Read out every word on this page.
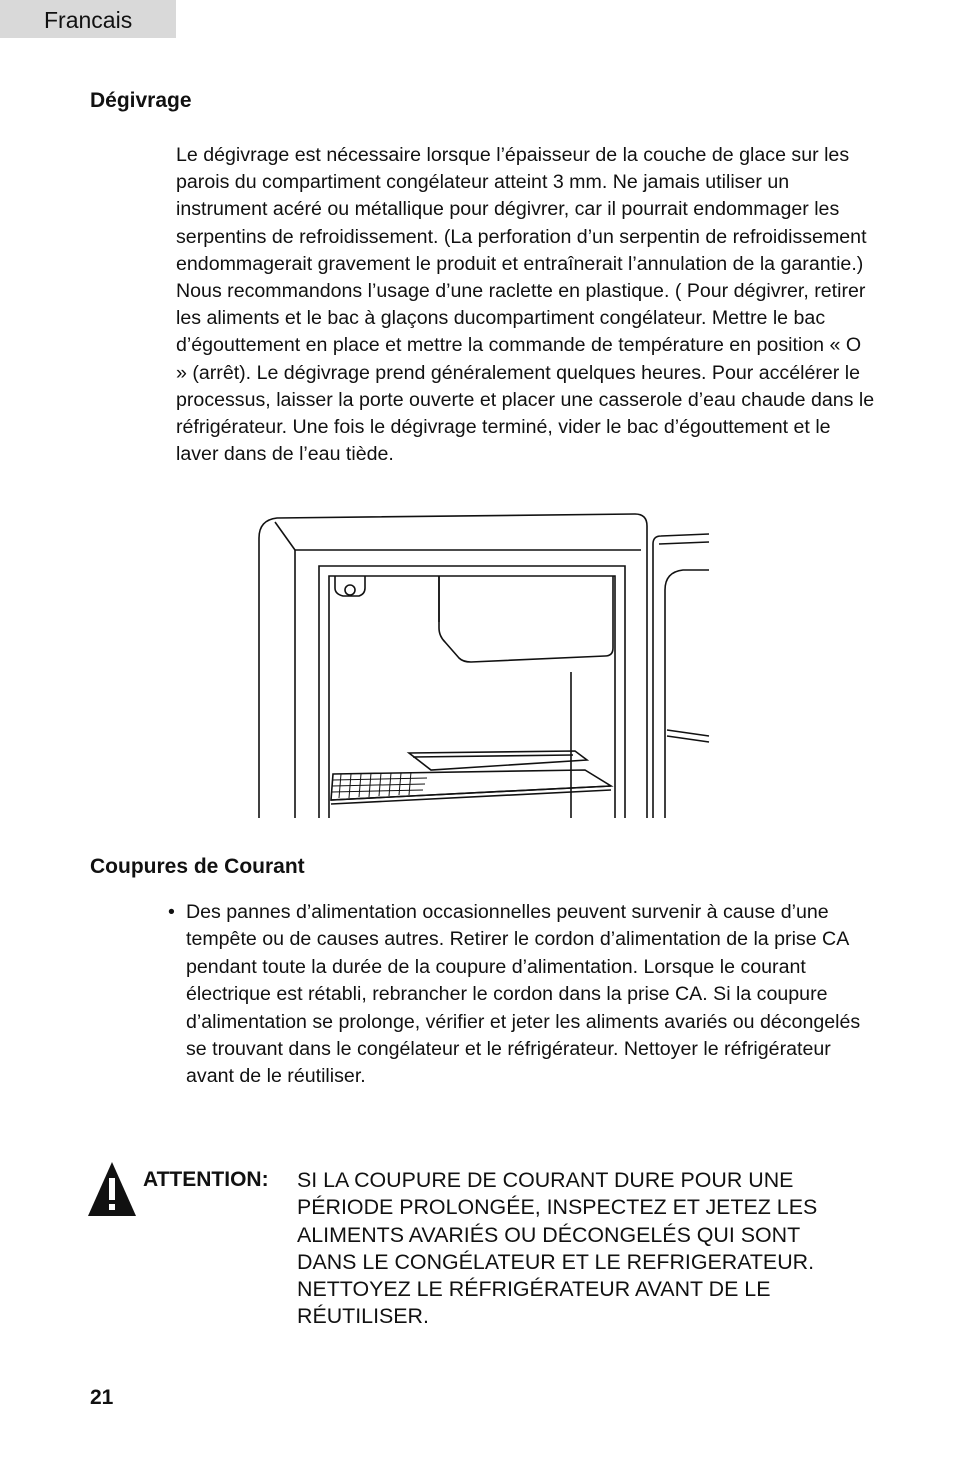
Francais
Dégivrage
Le dégivrage est nécessaire lorsque l’épaisseur de la couche de glace sur les parois du compartiment congélateur atteint 3 mm. Ne jamais utiliser un instrument acéré ou métallique pour dégivrer, car il pourrait endommager les serpentins de refroidissement. (La perforation d’un serpentin de refroidissement endommagerait gravement le produit et entraînerait l’annulation de la garantie.) Nous recommandons l’usage d’une raclette en plastique. ( Pour dégivrer, retirer les aliments et le bac à glaçons ducompartiment congélateur. Mettre le bac d’égouttement en place et mettre la commande de température en position « O » (arrêt). Le dégivrage prend généralement quelques heures. Pour accélérer le processus, laisser la porte ouverte et placer une casserole d’eau chaude dans le réfrigérateur. Une fois le dégivrage terminé, vider le bac d’égouttement et le laver dans de l’eau tiède.
Coupures de Courant
• Des pannes d’alimentation occasionnelles peuvent survenir à cause d’une tempête ou de causes autres. Retirer le cordon d’alimentation de la prise CA pendant toute la durée de la coupure d’alimentation. Lorsque le courant électrique est rétabli, rebrancher le cordon dans la prise CA. Si la coupure d’alimentation se prolonge, vérifier et jeter les aliments avariés ou décongelés se trouvant dans le congélateur et le réfrigérateur. Nettoyer le réfrigérateur avant de le réutiliser.
ATTENTION: SI LA COUPURE DE COURANT DURE POUR UNE PÉRIODE PROLONGÉE, INSPECTEZ ET JETEZ LES ALIMENTS AVARIÉS OU DÉCONGELÉS QUI SONT DANS LE CONGÉLATEUR ET LE REFRIGERATEUR. NETTOYEZ LE RÉFRIGÉRATEUR AVANT DE LE RÉUTILISER.
21
